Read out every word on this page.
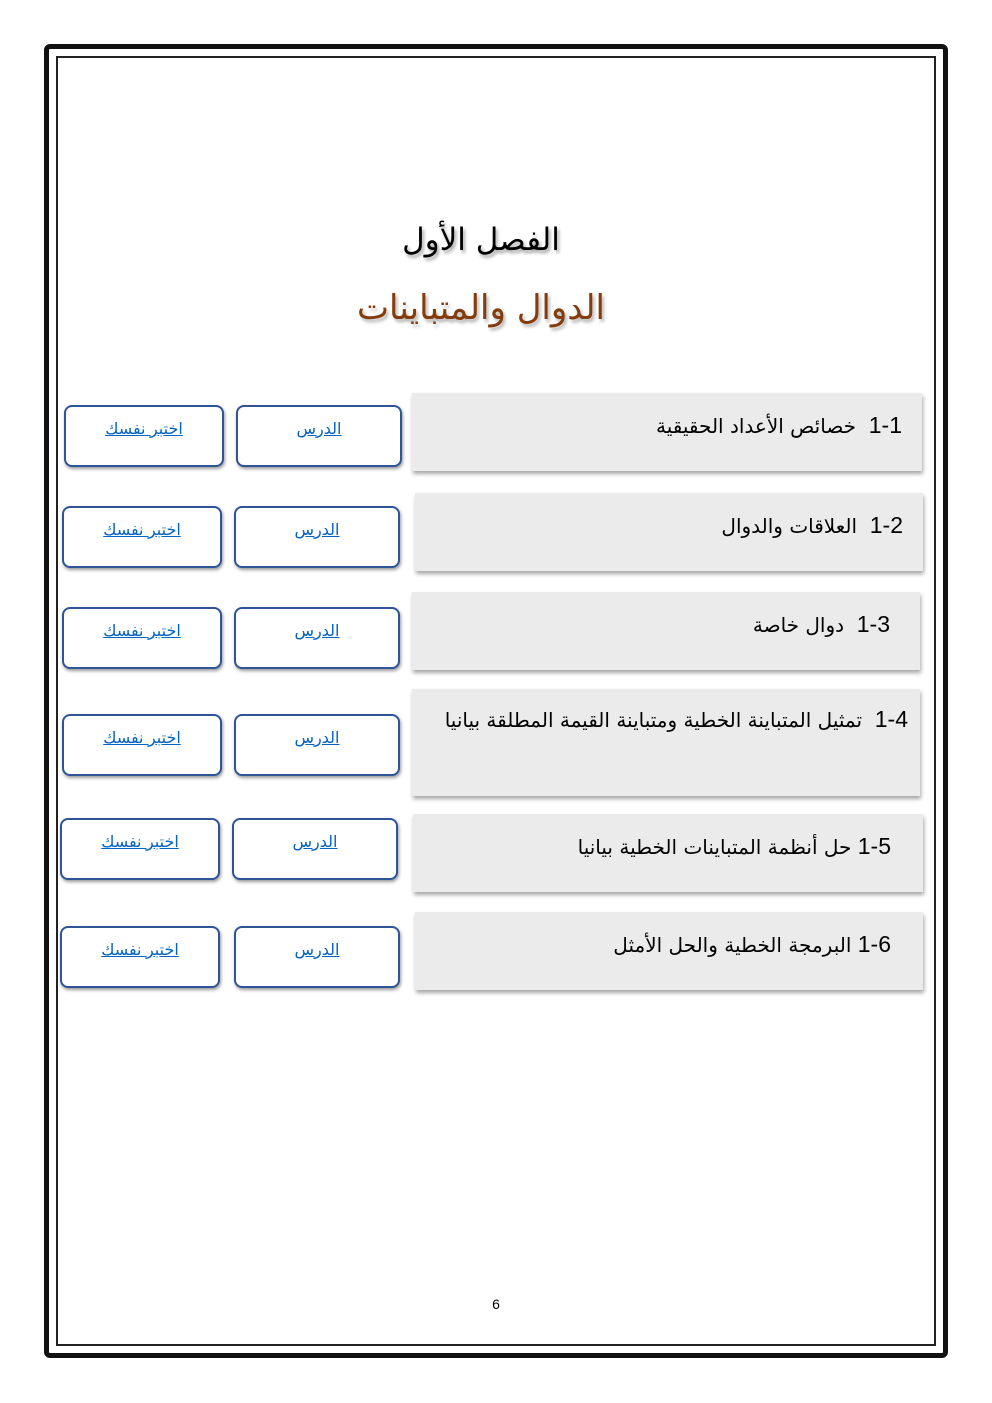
الفصل الأول
الدوال والمتباينات
1-1  خصائص الأعداد الحقيقية
الدرس
اختبر نفسك
1-2  العلاقات والدوال
الدرس
اختبر نفسك
1-3  دوال خاصة
الدرس
اختبر نفسك
1-4  تمثيل المتباينة الخطية ومتباينة القيمة المطلقة بيانيا
الدرس
اختبر نفسك
1-5 حل أنظمة المتباينات الخطية بيانيا
الدرس
اختبر نفسك
1-6 البرمجة الخطية والحل الأمثل
الدرس
اختبر نفسك
6
